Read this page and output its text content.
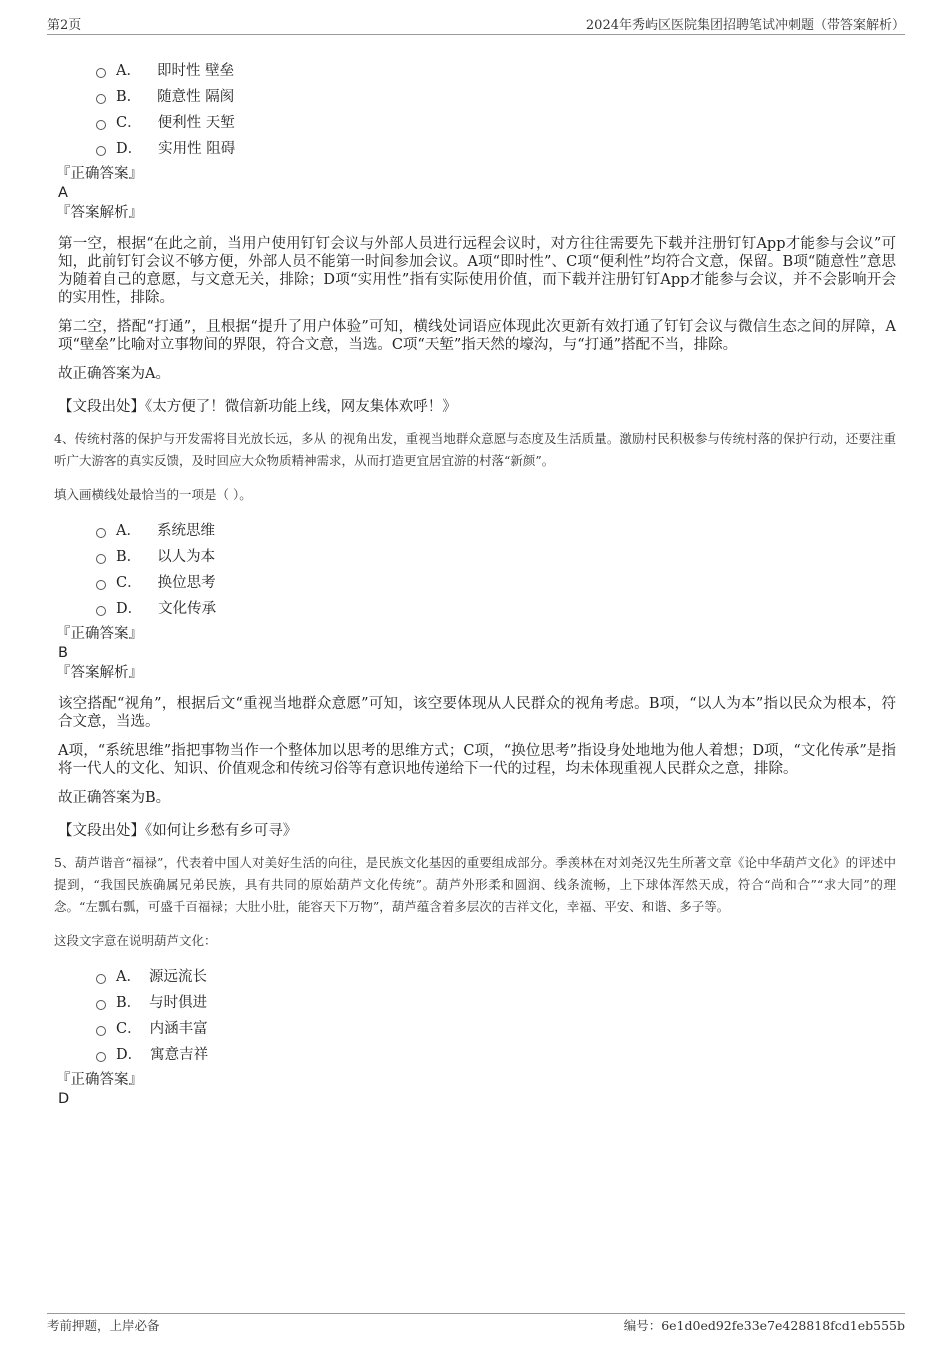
第2页	2024年秀屿区医院集团招聘笔试冲刺题（带答案解析）
A． 即时性 壁垒
B． 随意性 隔阂
C． 便利性 天堑
D． 实用性 阻碍
『正确答案』
A
『答案解析』
第一空，根据“在此之前，当用户使用钉钉会议与外部人员进行远程会议时，对方往往需要先下载并注册钉钉App才能参与会议”可知，此前钉钉会议不够方便，外部人员不能第一时间参加会议。A项“即时性”、C项“便利性”均符合文意，保留。B项“随意性”意思为随着自己的意愿，与文意无关，排除；D项“实用性”指有实际使用价值，而下载并注册钉钉App才能参与会议，并不会影响开会的实用性，排除。
第二空，搭配“打通”，且根据“提升了用户体验”可知，横线处词语应体现此次更新有效打通了钉钉会议与微信生态之间的屏障，A项“壁垒”比喻对立事物间的界限，符合文意，当选。C项“天堑”指天然的壕沟，与“打通”搭配不当，排除。
故正确答案为A。
【文段出处】《太方便了！微信新功能上线，网友集体欢呼！》
4、传统村落的保护与开发需将目光放长远，多从 的视角出发，重视当地群众意愿与态度及生活质量。激励村民积极参与传统村落的保护行动，还要注重听广大游客的真实反馈，及时回应大众物质精神需求，从而打造更宜居宜游的村落“新颜”。
填入画横线处最恰当的一项是（ ）。
A． 系统思维
B． 以人为本
C． 换位思考
D． 文化传承
『正确答案』
B
『答案解析』
该空搭配“视角”，根据后文“重视当地群众意愿”可知，该空要体现从人民群众的视角考虑。B项，“以人为本”指以民众为根本，符合文意，当选。
A项，“系统思维”指把事物当作一个整体加以思考的思维方式；C项，“换位思考”指设身处地地为他人着想；D项，“文化传承”是指将一代人的文化、知识、价值观念和传统习俗等有意识地传递给下一代的过程，均未体现重视人民群众之意，排除。
故正确答案为B。
【文段出处】《如何让乡愁有乡可寻》
5、葫芦谐音“福禄”，代表着中国人对美好生活的向往，是民族文化基因的重要组成部分。季羡林在对刘尧汉先生所著文章《论中华葫芦文化》的评述中提到，“我国民族确属兄弟民族，具有共同的原始葫芦文化传统”。葫芦外形柔和圆润、线条流畅，上下球体浑然天成，符合“尚和合”“求大同”的理念。“左瓢右瓢，可盛千百福禄；大肚小肚，能容天下万物”，葫芦蕴含着多层次的吉祥文化，幸福、平安、和谐、多子等。
这段文字意在说明葫芦文化：
A． 源远流长
B． 与时俱进
C． 内涵丰富
D． 寓意吉祥
『正确答案』
D
考前押题，上岸必备	编号：6e1d0ed92fe33e7e428818fcd1eb555b
